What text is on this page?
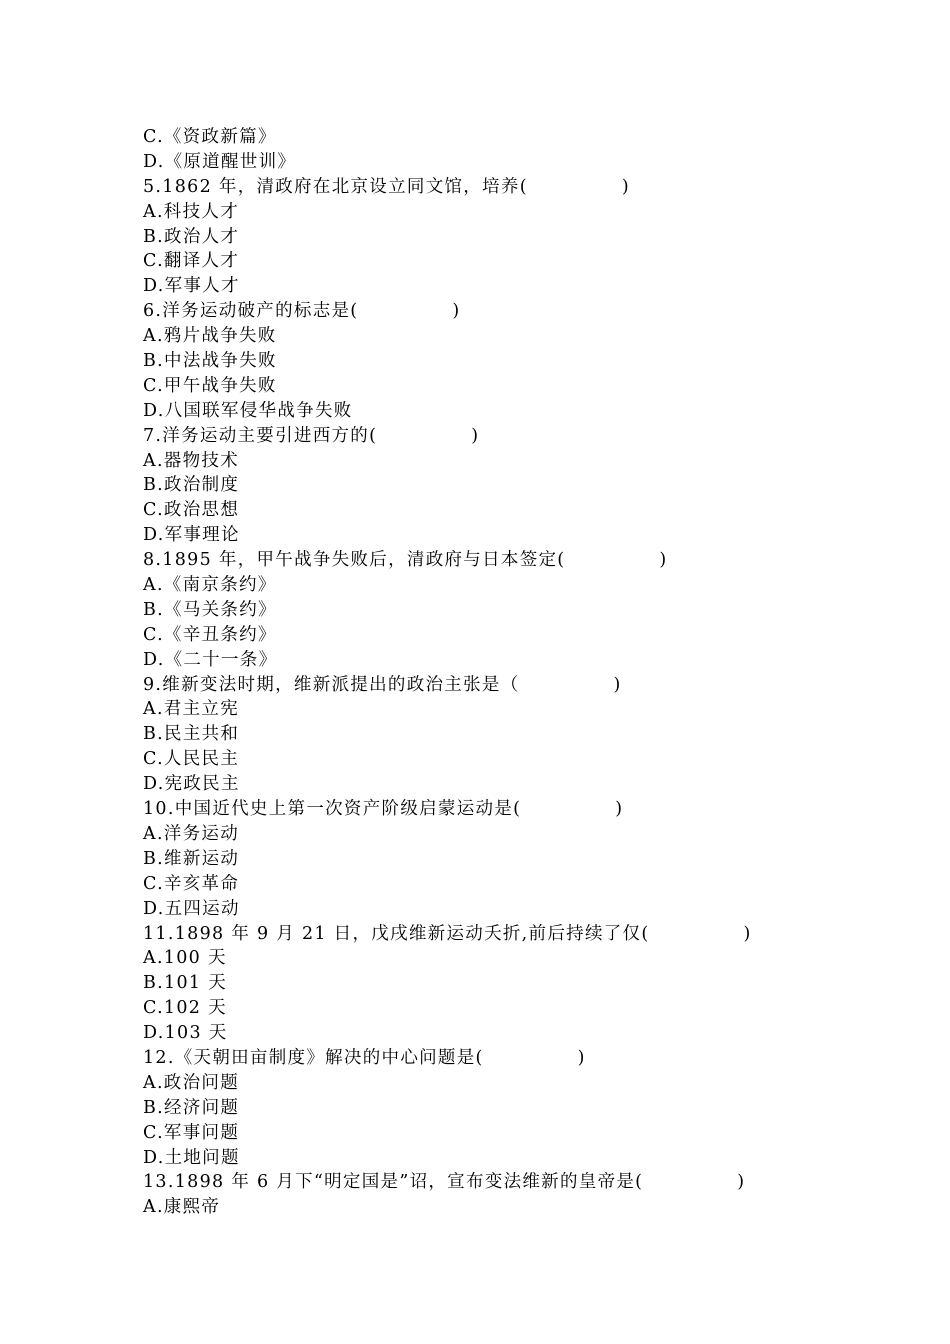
C.《资政新篇》
D.《原道醒世训》
5.1862 年，清政府在北京设立同文馆，培养(　　　　　)
A.科技人才
B.政治人才
C.翻译人才
D.军事人才
6.洋务运动破产的标志是(　　　　　)
A.鸦片战争失败
B.中法战争失败
C.甲午战争失败
D.八国联军侵华战争失败
7.洋务运动主要引进西方的(　　　　　)
A.器物技术
B.政治制度
C.政治思想
D.军事理论
8.1895 年，甲午战争失败后，清政府与日本签定(　　　　　)
A.《南京条约》
B.《马关条约》
C.《辛丑条约》
D.《二十一条》
9.维新变法时期，维新派提出的政治主张是（　　　　　)
A.君主立宪
B.民主共和
C.人民民主
D.宪政民主
10.中国近代史上第一次资产阶级启蒙运动是(　　　　　)
A.洋务运动
B.维新运动
C.辛亥革命
D.五四运动
11.1898 年 9 月 21 日，戊戌维新运动夭折,前后持续了仅(　　　　　)
A.100 天
B.101 天
C.102 天
D.103 天
12.《天朝田亩制度》解决的中心问题是(　　　　　)
A.政治问题
B.经济问题
C.军事问题
D.土地问题
13.1898 年 6 月下“明定国是”诏，宣布变法维新的皇帝是(　　　　　)
A.康熙帝
